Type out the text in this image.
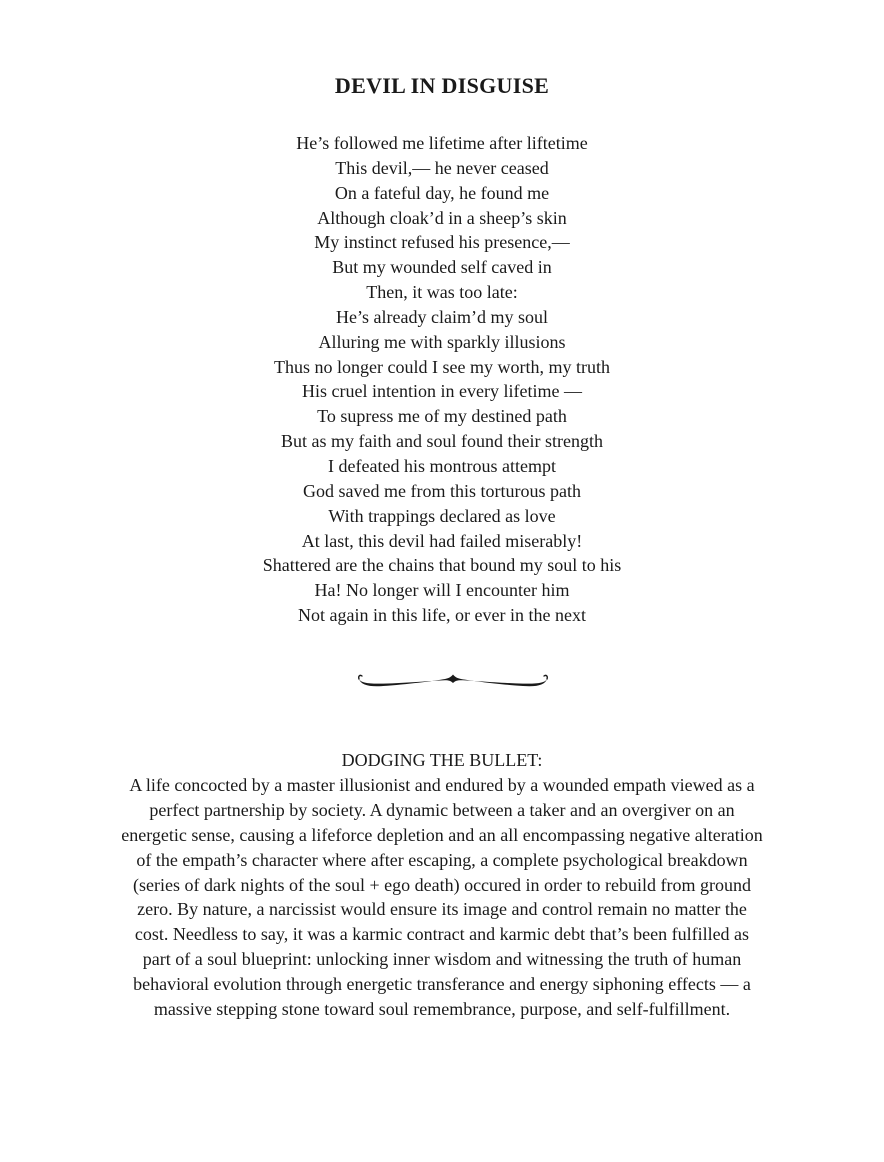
DEVIL IN DISGUISE
He’s followed me lifetime after liftetime
This devil,— he never ceased
On a fateful day, he found me
Although cloak’d in a sheep’s skin
My instinct refused his presence,—
But my wounded self caved in
Then, it was too late:
He’s already claim’d my soul
Alluring me with sparkly illusions
Thus no longer could I see my worth, my truth
His cruel intention in every lifetime —
To supress me of my destined path
But as my faith and soul found their strength
I defeated his montrous attempt
God saved me from this torturous path
With trappings declared as love
At last, this devil had failed miserably!
Shattered are the chains that bound my soul to his
Ha! No longer will I encounter him
Not again in this life, or ever in the next
DODGING THE BULLET:

A life concocted by a master illusionist and endured by a wounded empath viewed as a perfect partnership by society. A dynamic between a taker and an overgiver on an energetic sense, causing a lifeforce depletion and an all encompassing negative alteration of the empath’s character where after escaping, a complete psychological breakdown (series of dark nights of the soul + ego death) occured in order to rebuild from ground zero. By nature, a narcissist would ensure its image and control remain no matter the cost. Needless to say, it was a karmic contract and karmic debt that’s been fulfilled as part of a soul blueprint: unlocking inner wisdom and witnessing the truth of human behavioral evolution through energetic transferance and energy siphoning effects — a massive stepping stone toward soul remembrance, purpose, and self-fulfillment.
